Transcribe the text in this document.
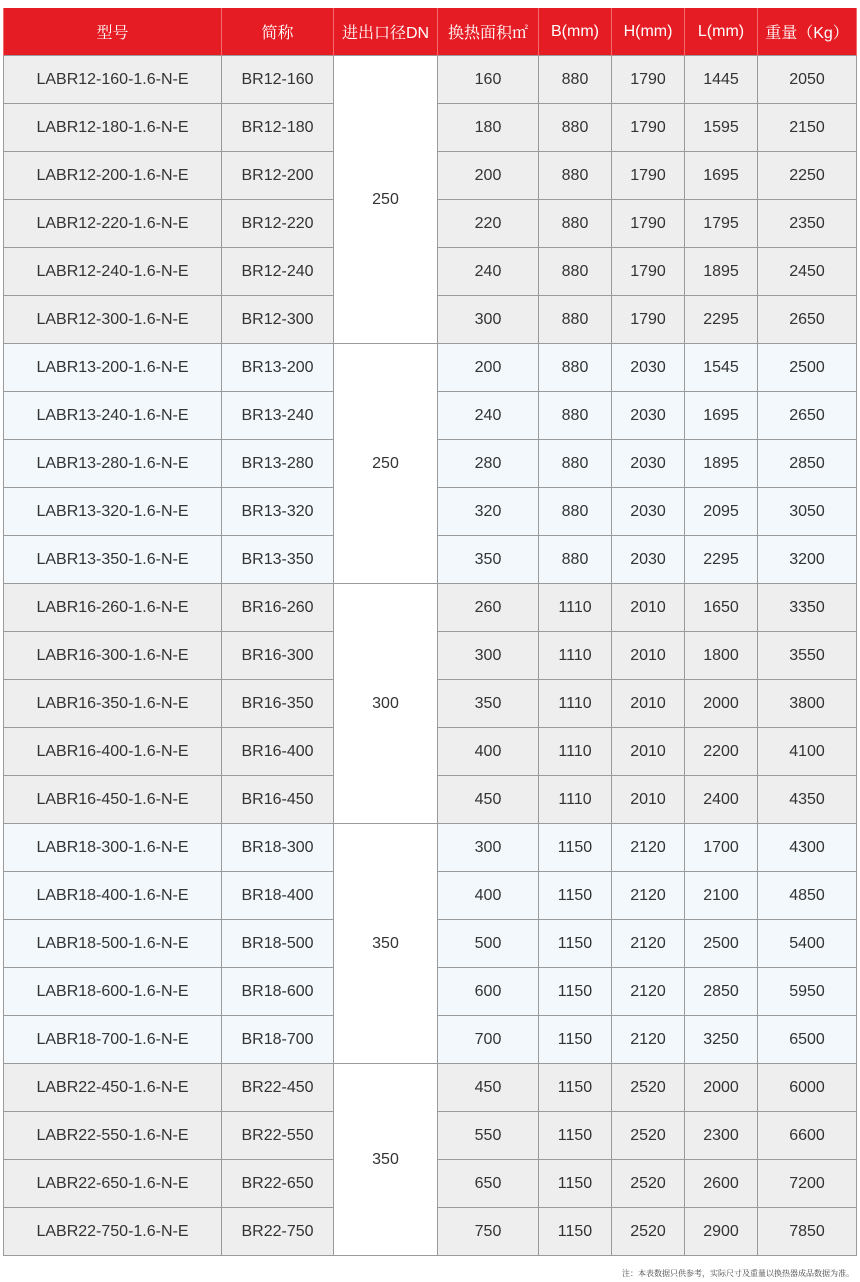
型号	简称	进出口径DN	换热面积㎡	B(mm)	H(mm)	L(mm)	重量（Kg）
LABR12-160-1.6-N-E	BR12-160	250	160	880	1790	1445	2050
LABR12-180-1.6-N-E	BR12-180		180	880	1790	1595	2150
LABR12-200-1.6-N-E	BR12-200		200	880	1790	1695	2250
LABR12-220-1.6-N-E	BR12-220		220	880	1790	1795	2350
LABR12-240-1.6-N-E	BR12-240		240	880	1790	1895	2450
LABR12-300-1.6-N-E	BR12-300		300	880	1790	2295	2650
LABR13-200-1.6-N-E	BR13-200	250	200	880	2030	1545	2500
LABR13-240-1.6-N-E	BR13-240		240	880	2030	1695	2650
LABR13-280-1.6-N-E	BR13-280		280	880	2030	1895	2850
LABR13-320-1.6-N-E	BR13-320		320	880	2030	2095	3050
LABR13-350-1.6-N-E	BR13-350		350	880	2030	2295	3200
LABR16-260-1.6-N-E	BR16-260	300	260	1110	2010	1650	3350
LABR16-300-1.6-N-E	BR16-300		300	1110	2010	1800	3550
LABR16-350-1.6-N-E	BR16-350		350	1110	2010	2000	3800
LABR16-400-1.6-N-E	BR16-400		400	1110	2010	2200	4100
LABR16-450-1.6-N-E	BR16-450		450	1110	2010	2400	4350
LABR18-300-1.6-N-E	BR18-300	350	300	1150	2120	1700	4300
LABR18-400-1.6-N-E	BR18-400		400	1150	2120	2100	4850
LABR18-500-1.6-N-E	BR18-500		500	1150	2120	2500	5400
LABR18-600-1.6-N-E	BR18-600		600	1150	2120	2850	5950
LABR18-700-1.6-N-E	BR18-700		700	1150	2120	3250	6500
LABR22-450-1.6-N-E	BR22-450	350	450	1150	2520	2000	6000
LABR22-550-1.6-N-E	BR22-550		550	1150	2520	2300	6600
LABR22-650-1.6-N-E	BR22-650		650	1150	2520	2600	7200
LABR22-750-1.6-N-E	BR22-750		750	1150	2520	2900	7850
注：本表数据只供参考，实际尺寸及重量以换热器成品数据为准。
